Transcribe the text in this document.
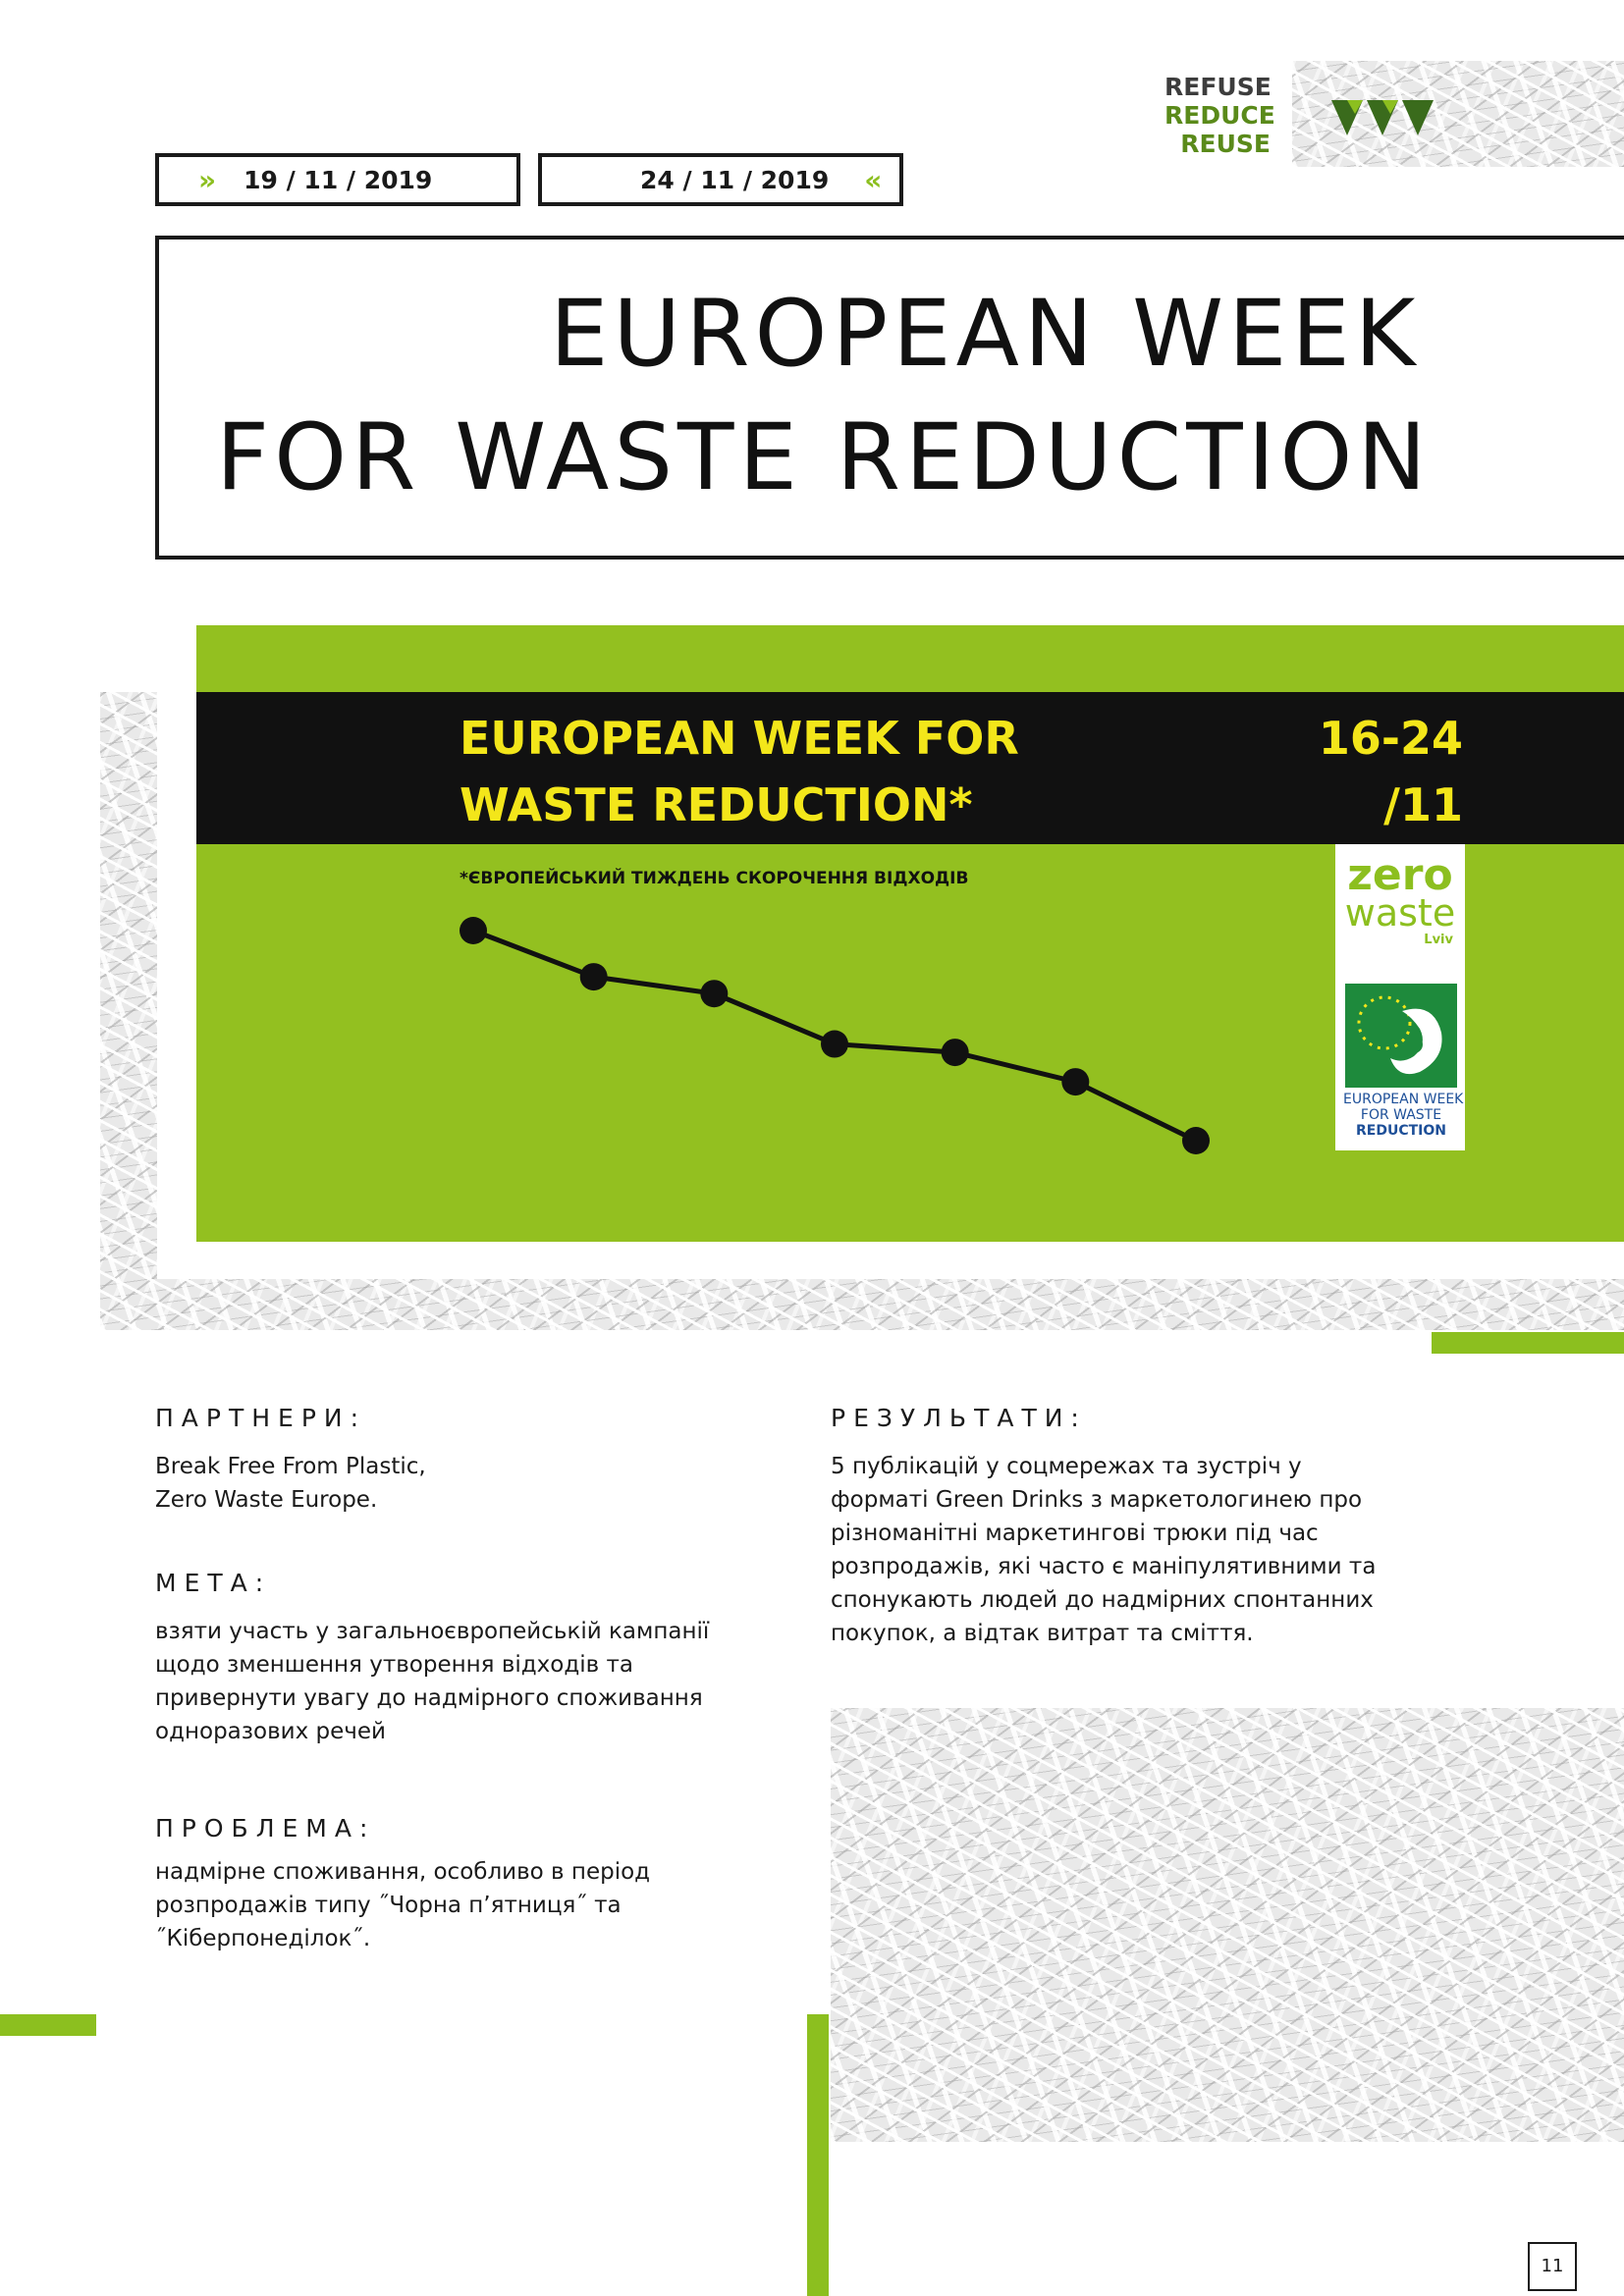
REFUSE
REDUCE
REUSE
» 19 / 11 / 2019	24 / 11 / 2019 «
EUROPEAN WEEK
FOR WASTE REDUCTION
EUROPEAN WEEK FOR
WASTE REDUCTION*
16-24
/11
*ЄВРОПЕЙСЬКИЙ ТИЖДЕНЬ СКОРОЧЕННЯ ВІДХОДІВ	zero
waste
Lviv
EUROPEAN WEEK
FOR WASTE
REDUCTION
ПАРТНЕРИ:
Break Free From Plastic,
Zero Waste Europe.
МЕТА:
взяти участь у загальноєвропейській кампанії
щодо зменшення утворення відходів та
привернути увагу до надмірного споживання
одноразових речей
ПРОБЛЕМА:
надмірне споживання, особливо в період
розпродажів типу ˝Чорна п’ятниця˝ та
˝Кіберпонеділок˝.
РЕЗУЛЬТАТИ:
5 публікацій у соцмережах та зустріч у
форматі Green Drinks з маркетологинею про
різноманітні маркетингові трюки під час
розпродажів, які часто є маніпулятивними та
спонукають людей до надмірних спонтанних
покупок, а відтак витрат та сміття.
11
